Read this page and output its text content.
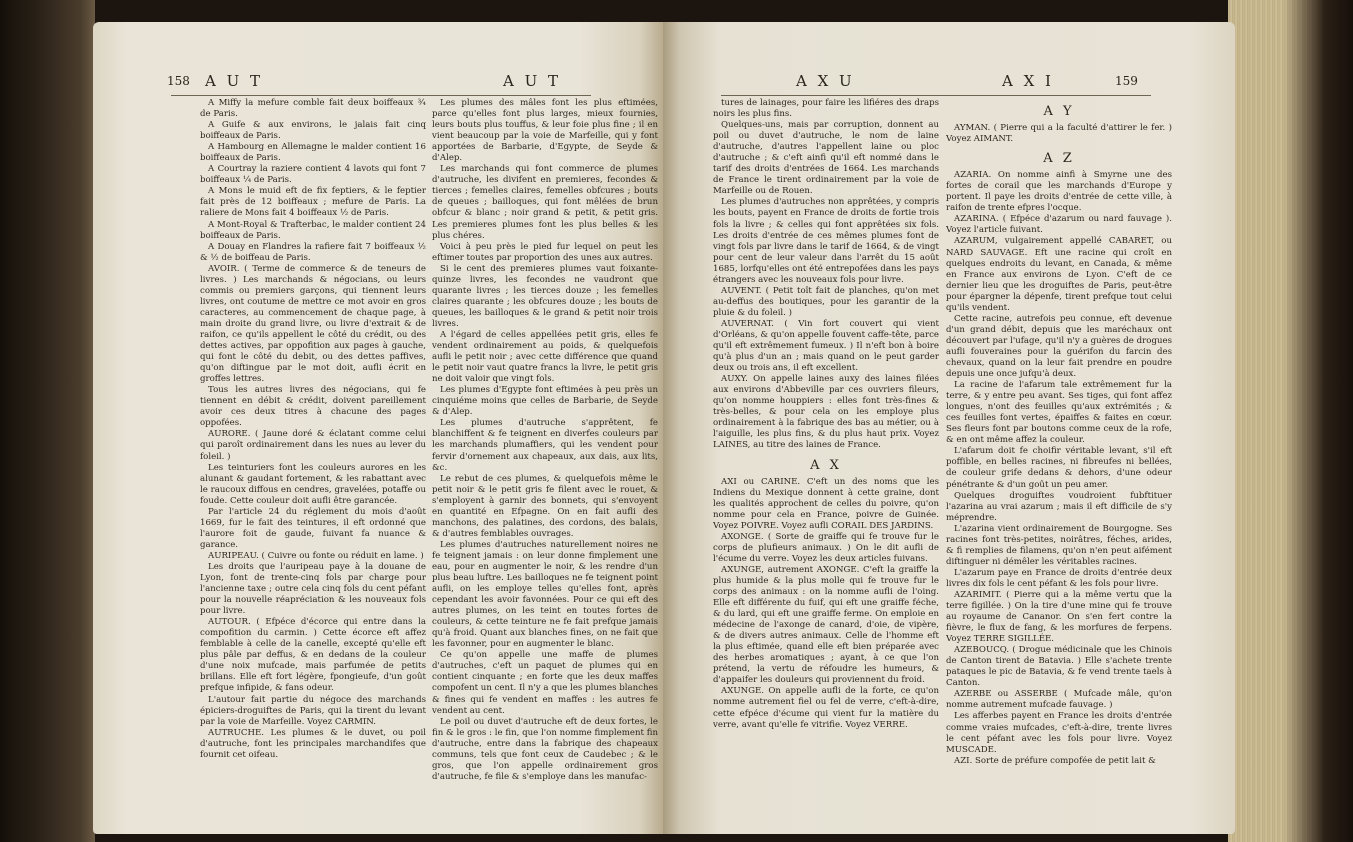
158 A U T	A U T

A Miffy la mefure comble fait deux boiffeaux ¾ de Paris.

A Guife & aux environs, le jalais fait cinq boiffeaux de Paris.

A Hambourg en Allemagne le malder contient 16 boiffeaux de Paris.

A Courtray la raziere contient 4 lavots qui font 7 boiffeaux ¼ de Paris.

A Mons le muid eft de fix feptiers, & le feptier fait près de 12 boiffeaux ; mefure de Paris. La raliere de Mons fait 4 boiffeaux ½ de Paris.

A Mont-Royal & Trafterbac, le malder contient 24 boiffeaux de Paris.

A Douay en Flandres la rafiere fait 7 boiffeaux ½ & ½ de boiffeau de Paris.

AVOIR. ( Terme de commerce & de teneurs de livres. ) Les marchands & négocians, ou leurs commis ou premiers garçons, qui tiennent leurs livres, ont coutume de mettre ce mot avoir en gros caracteres, au commencement de chaque page, à main droite du grand livre, ou livre d'extrait & de raifon, ce qu'ils appellent le côté du crédit, ou des dettes actives, par oppofition aux pages à gauche, qui font le côté du debit, ou des dettes paffives, qu'on diftingue par le mot doit, aufli écrit en groffes lettres.

Tous les autres livres des négocians, qui fe tiennent en débit & crédit, doivent pareillement avoir ces deux titres à chacune des pages oppofées.

AURORE. ( Jaune doré & éclatant comme celui qui paroît ordinairement dans les nues au lever du foleil. )

Les teinturiers font les couleurs aurores en les alunant & gaudant fortement, & les rabattant avec le raucoux diffous en cendres, gravelées, potaffe ou foude. Cette couleur doit aufli être garancée.

Par l'article 24 du réglement du mois d'août 1669, fur le fait des teintures, il eft ordonné que l'aurore foit de gaude, fuivant fa nuance & garance.

AURIPEAU. ( Cuivre ou fonte ou réduit en lame. )

Les droits que l'auripeau paye à la douane de Lyon, font de trente-cinq fols par charge pour l'ancienne taxe ; outre cela cinq fols du cent péfant pour la nouvelle réapréciation & les nouveaux fols pour livre.

AUTOUR. ( Efpéce d'écorce qui entre dans la compofition du carmin. ) Cette écorce eft affez femblable à celle de la canelle, excepté qu'elle eft plus pâle par deffus, & en dedans de la couleur d'une noix mufcade, mais parfumée de petits brillans. Elle eft fort légère, fpongieufe, d'un goût prefque infipide, & fans odeur.

L'autour fait partie du négoce des marchands épiciers-droguiftes de Paris, qui la tirent du levant par la voie de Marfeille. Voyez CARMIN.

AUTRUCHE. Les plumes & le duvet, ou poil d'autruche, font les principales marchandifes que fournit cet oifeau.

Les plumes des mâles font les plus eftimées, parce qu'elles font plus larges, mieux fournies, leurs bouts plus touffus, & leur foie plus fine ; il en vient beaucoup par la voie de Marfeille, qui y font apportées de Barbarie, d'Egypte, de Seyde & d'Alep.

Les marchands qui font commerce de plumes d'autruche, les divifent en premieres, fecondes & tierces ; femelles claires, femelles obfcures ; bouts de queues ; bailloques, qui font mêlées de brun obfcur & blanc ; noir grand & petit, & petit gris. Les premieres plumes font les plus belles & les plus chéres.

Voici à peu près le pied fur lequel on peut les eftimer toutes par proportion des unes aux autres.

Si le cent des premieres plumes vaut foixante-quinze livres, les fecondes ne vaudront que quarante livres ; les tierces douze ; les femelles claires quarante ; les obfcures douze ; les bouts de queues, les bailloques & le grand & petit noir trois livres.

A l'égard de celles appellées petit gris, elles fe vendent ordinairement au poids, & quelquefois aufli le petit noir ; avec cette différence que quand le petit noir vaut quatre francs la livre, le petit gris ne doit valoir que vingt fols.

Les plumes d'Egypte font eftimées à peu près un cinquiéme moins que celles de Barbarie, de Seyde & d'Alep.

Les plumes d'autruche s'apprêtent, fe blanchiffent & fe teignent en diverfes couleurs par les marchands plumaffiers, qui les vendent pour fervir d'ornement aux chapeaux, aux dais, aux lits, &c.

Le rebut de ces plumes, & quelquefois même le petit noir & le petit gris fe filent avec le rouet, & s'employent à garnir des bonnets, qui s'envoyent en quantité en Efpagne. On en fait aufli des manchons, des palatines, des cordons, des balais, & d'autres femblables ouvrages.

Les plumes d'autruches naturellement noires ne fe teignent jamais : on leur donne fimplement une eau, pour en augmenter le noir, & les rendre d'un plus beau luftre. Les bailloques ne fe teignent point aufli, on les employe telles qu'elles font, après cependant les avoir favonnées. Pour ce qui eft des autres plumes, on les teint en toutes fortes de couleurs, & cette teinture ne fe fait prefque jamais qu'à froid. Quant aux blanches fines, on ne fait que les favonner, pour en augmenter le blanc.

Ce qu'on appelle une maffe de plumes d'autruches, c'eft un paquet de plumes qui en contient cinquante ; en forte que les deux maffes compofent un cent. Il n'y a que les plumes blanches & fines qui fe vendent en maffes : les autres fe vendent au cent.

Le poil ou duvet d'autruche eft de deux fortes, le fin & le gros : le fin, que l'on nomme fimplement fin d'autruche, entre dans la fabrique des chapeaux communs, tels que font ceux de Caudebec ; & le gros, que l'on appelle ordinairement gros d'autruche, fe file & s'employe dans les manufac-

A X U	A X I	159

tures de lainages, pour faire les lifiéres des draps noirs les plus fins.

Quelques-uns, mais par corruption, donnent au poil ou duvet d'autruche, le nom de laine d'autruche, d'autres l'appellent laine ou ploc d'autruche ; & c'eft ainfi qu'il eft nommé dans le tarif des droits d'entrées de 1664. Les marchands de France le tirent ordinairement par la voie de Marfeille ou de Rouen.

Les plumes d'autruches non apprêtées, y compris les bouts, payent en France de droits de fortie trois fols la livre ; & celles qui font apprêtées six fols. Les droits d'entrée de ces mêmes plumes font de vingt fols par livre dans le tarif de 1664, & de vingt pour cent de leur valeur dans l'arrêt du 15 août 1685, lorfqu'elles ont été entrepofées dans les pays étrangers avec les nouveaux fols pour livre.

AUVENT. ( Petit toît fait de planches, qu'on met au-deffus des boutiques, pour les garantir de la pluie & du foleil. )

AUVERNAT. ( Vin fort couvert qui vient d'Orléans, & qu'on appelle fouvent caffe-tête, parce qu'il eft extrêmement fumeux. ) Il n'eft bon à boire qu'à plus d'un an ; mais quand on le peut garder deux ou trois ans, il eft excellent.

AUXY. On appelle laines auxy des laines filées aux environs d'Abbeville par ces ouvriers fileurs, qu'on nomme houppiers : elles font très-fines & très-belles, & pour cela on les employe plus ordinairement à la fabrique des bas au métier, ou à l'aiguille, les plus fins, & du plus haut prix. Voyez LAINES, au titre des laines de France.

A X

AXI ou CARINE. C'eft un des noms que les Indiens du Mexique donnent à cette graine, dont les qualités approchent de celles du poivre, qu'on nomme pour cela en France, poivre de Guinée. Voyez POIVRE. Voyez aufli CORAIL DES JARDINS.

AXONGE. ( Sorte de graiffe qui fe trouve fur le corps de plufieurs animaux. ) On le dit aufli de l'écume du verre. Voyez les deux articles fuivans.

AXUNGE, autrement AXONGE. C'eft la graiffe la plus humide & la plus molle qui fe trouve fur le corps des animaux : on la nomme aufli de l'oing. Elle eft différente du fuif, qui eft une graiffe féche, & du lard, qui eft une graiffe ferme. On emploie en médecine de l'axonge de canard, d'oie, de vipère, & de divers autres animaux. Celle de l'homme eft la plus eftimée, quand elle eft bien préparée avec des herbes aromatiques ; ayant, à ce que l'on prétend, la vertu de réfoudre les humeurs, & d'appaifer les douleurs qui proviennent du froid.

AXUNGE. On appelle aufli de la forte, ce qu'on nomme autrement fiel ou fel de verre, c'eft-à-dire, cette efpéce d'écume qui vient fur la matière du verre, avant qu'elle fe vitrifie. Voyez VERRE.

A Y

AYMAN. ( Pierre qui a la faculté d'attirer le fer. ) Voyez AIMANT.

A Z

AZARIA. On nomme ainfi à Smyrne une des fortes de corail que les marchands d'Europe y portent. Il paye les droits d'entrée de cette ville, à raifon de trente efpres l'ocque.

AZARINA. ( Efpéce d'azarum ou nard fauvage ). Voyez l'article fuivant.

AZARUM, vulgairement appellé CABARET, ou NARD SAUVAGE. Eft une racine qui croît en quelques endroits du levant, en Canada, & même en France aux environs de Lyon. C'eft de ce dernier lieu que les droguiftes de Paris, peut-être pour épargner la dépenfe, tirent prefque tout celui qu'ils vendent.

Cette racine, autrefois peu connue, eft devenue d'un grand débit, depuis que les maréchaux ont découvert par l'ufage, qu'il n'y a guères de drogues aufli fouveraines pour la guérifon du farcin des chevaux, quand on la leur fait prendre en poudre depuis une once jufqu'à deux.

La racine de l'afarum tale extrêmement fur la terre, & y entre peu avant. Ses tiges, qui font affez longues, n'ont des feuilles qu'aux extrémités ; & ces feuilles font vertes, épaiffes & faites en cœur. Ses fleurs font par boutons comme ceux de la rofe, & en ont même affez la couleur.

L'afarum doit fe choifir véritable levant, s'il eft poffible, en belles racines, ni fibreufes ni bellées, de couleur grife dedans & dehors, d'une odeur pénétrante & d'un goût un peu amer.

Quelques droguiftes voudroient fubftituer l'azarina au vrai azarum ; mais il eft difficile de s'y méprendre.

L'azarina vient ordinairement de Bourgogne. Ses racines font très-petites, noirâtres, féches, arides, & fi remplies de filamens, qu'on n'en peut aifément diftinguer ni démêler les véritables racines.

L'azarum paye en France de droits d'entrée deux livres dix fols le cent péfant & les fols pour livre.

AZARIMIT. ( Pierre qui a la même vertu que la terre figillée. ) On la tire d'une mine qui fe trouve au royaume de Cananor. On s'en fert contre la fièvre, le flux de fang, & les morfures de ferpens. Voyez TERRE SIGILLÉE.

AZEBOUCQ. ( Drogue médicinale que les Chinois de Canton tirent de Batavia. ) Elle s'achete trente pataques le pic de Batavia, & fe vend trente taels à Canton.

AZERBE ou ASSERBE ( Mufcade mâle, qu'on nomme autrement mufcade fauvage. )

Les afferbes payent en France les droits d'entrée comme vraies mufcades, c'eft-à-dire, trente livres le cent péfant avec les fols pour livre. Voyez MUSCADE.

AZI. Sorte de préfure compofée de petit lait &
